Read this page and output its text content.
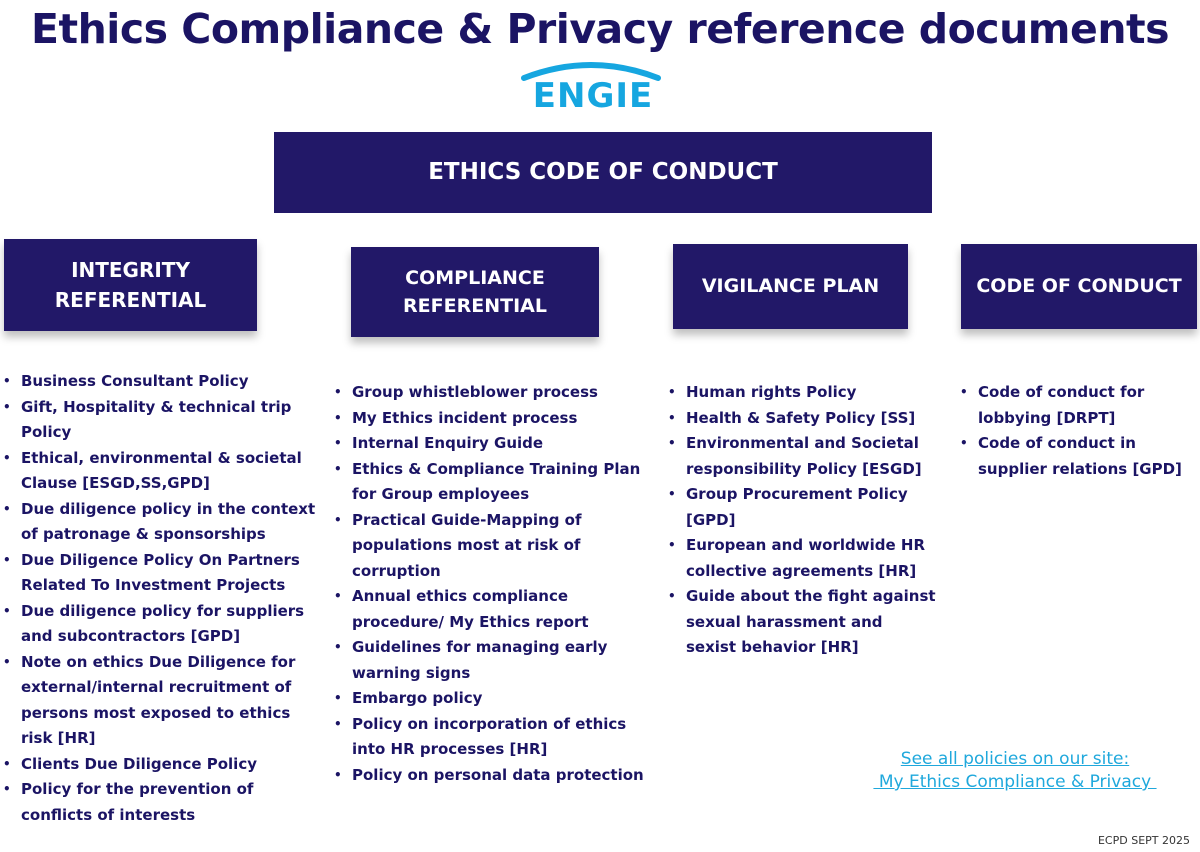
Ethics Compliance & Privacy reference documents
ENGIE
ETHICS CODE OF CONDUCT
INTEGRITY REFERENTIAL
COMPLIANCE REFERENTIAL
VIGILANCE PLAN	CODE OF CONDUCT
• Business Consultant Policy
• Gift, Hospitality & technical trip Policy
• Ethical, environmental & societal Clause [ESGD,SS,GPD]
• Due diligence policy in the context of patronage & sponsorships
• Due Diligence Policy On Partners Related To Investment Projects
• Due diligence policy for suppliers and subcontractors [GPD]
• Note on ethics Due Diligence for external/internal recruitment of persons most exposed to ethics risk [HR]
• Clients Due Diligence Policy
• Policy for the prevention of conflicts of interests
• Group whistleblower process
• My Ethics incident process
• Internal Enquiry Guide
• Ethics & Compliance Training Plan for Group employees
• Practical Guide-Mapping of populations most at risk of corruption
• Annual ethics compliance procedure/ My Ethics report
• Guidelines for managing early warning signs
• Embargo policy
• Policy on incorporation of ethics into HR processes [HR]
• Policy on personal data protection
• Human rights Policy
• Health & Safety Policy [SS]
• Environmental and Societal responsibility Policy [ESGD]
• Group Procurement Policy [GPD]
• European and worldwide HR collective agreements [HR]
• Guide about the fight against sexual harassment and sexist behavior [HR]
• Code of conduct for lobbying [DRPT]
• Code of conduct in supplier relations [GPD]
See all policies on our site:
My Ethics Compliance & Privacy
ECPD SEPT 2025
